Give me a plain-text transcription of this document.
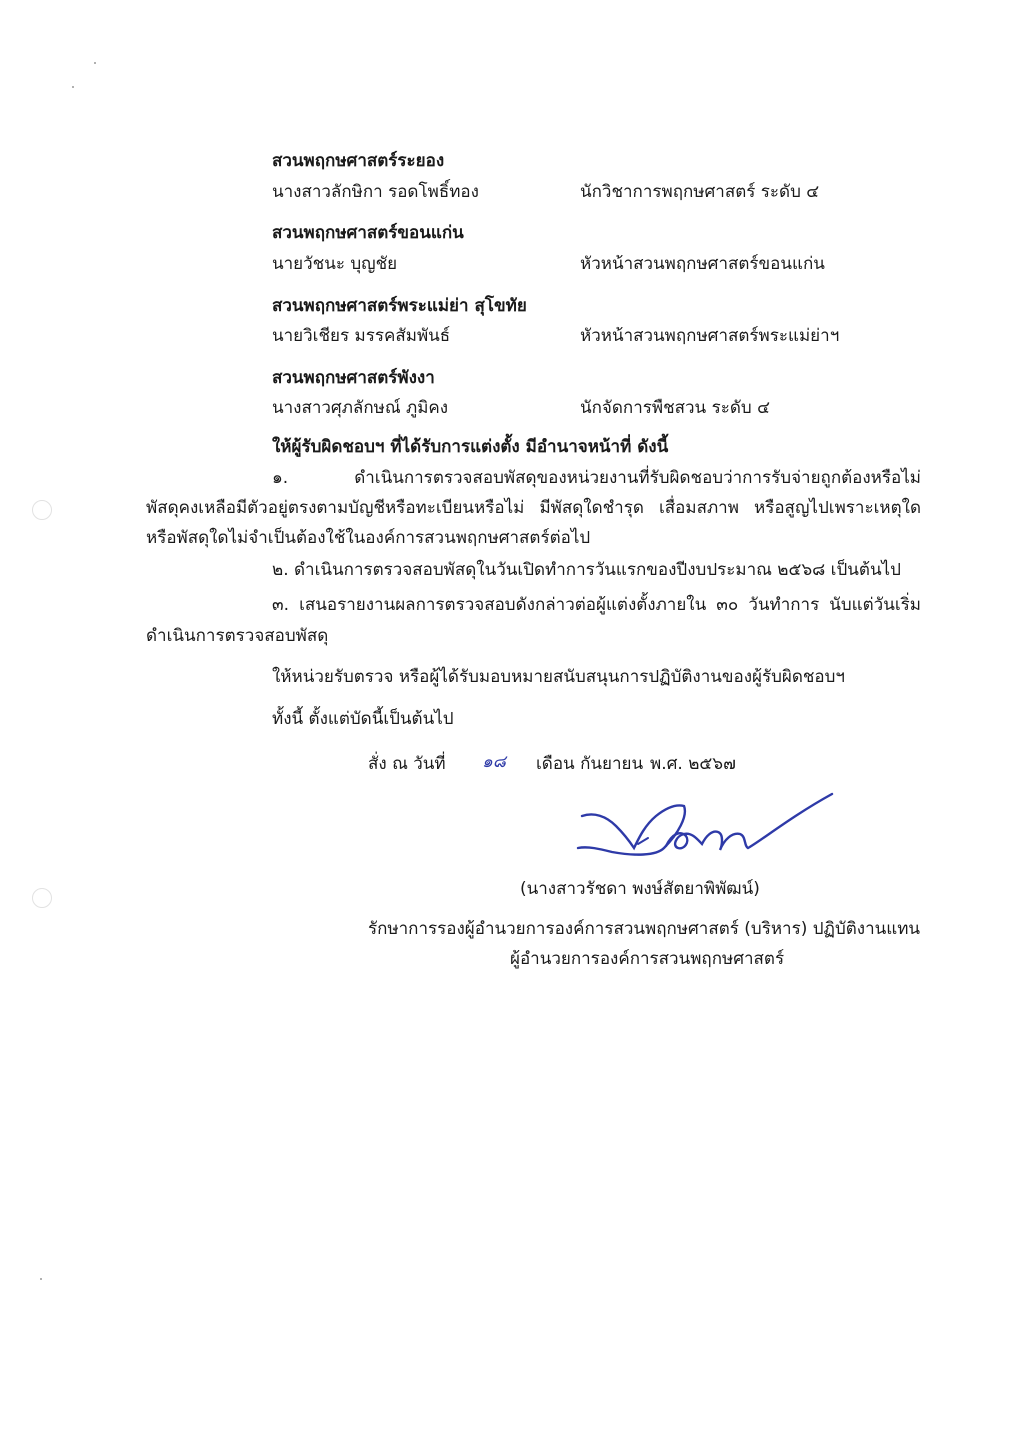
สวนพฤกษศาสตร์ระยอง
นางสาวลักษิกา รอดโพธิ์ทอง	นักวิชาการพฤกษศาสตร์ ระดับ ๔
สวนพฤกษศาสตร์ขอนแก่น
นายวัชนะ บุญชัย	หัวหน้าสวนพฤกษศาสตร์ขอนแก่น
สวนพฤกษศาสตร์พระแม่ย่า สุโขทัย
นายวิเชียร มรรคสัมพันธ์	หัวหน้าสวนพฤกษศาสตร์พระแม่ย่าฯ
สวนพฤกษศาสตร์พังงา
นางสาวศุภลักษณ์ ภูมิคง	นักจัดการพืชสวน ระดับ ๔
ให้ผู้รับผิดชอบฯ ที่ได้รับการแต่งตั้ง มีอำนาจหน้าที่ ดังนี้
๑. ดำเนินการตรวจสอบพัสดุของหน่วยงานที่รับผิดชอบว่าการรับจ่ายถูกต้องหรือไม่
พัสดุคงเหลือมีตัวอยู่ตรงตามบัญชีหรือทะเบียนหรือไม่ มีพัสดุใดชำรุด เสื่อมสภาพ หรือสูญไปเพราะเหตุใด
หรือพัสดุใดไม่จำเป็นต้องใช้ในองค์การสวนพฤกษศาสตร์ต่อไป
๒. ดำเนินการตรวจสอบพัสดุในวันเปิดทำการวันแรกของปีงบประมาณ ๒๕๖๘ เป็นต้นไป
๓. เสนอรายงานผลการตรวจสอบดังกล่าวต่อผู้แต่งตั้งภายใน ๓๐ วันทำการ นับแต่วันเริ่ม
ดำเนินการตรวจสอบพัสดุ
ให้หน่วยรับตรวจ หรือผู้ได้รับมอบหมายสนับสนุนการปฏิบัติงานของผู้รับผิดชอบฯ
ทั้งนี้ ตั้งแต่บัดนี้เป็นต้นไป
สั่ง ณ วันที่ ๑๘ เดือน กันยายน พ.ศ. ๒๕๖๗
(นางสาวรัชดา พงษ์สัตยาพิพัฒน์)
รักษาการรองผู้อำนวยการองค์การสวนพฤกษศาสตร์ (บริหาร) ปฏิบัติงานแทน
ผู้อำนวยการองค์การสวนพฤกษศาสตร์
